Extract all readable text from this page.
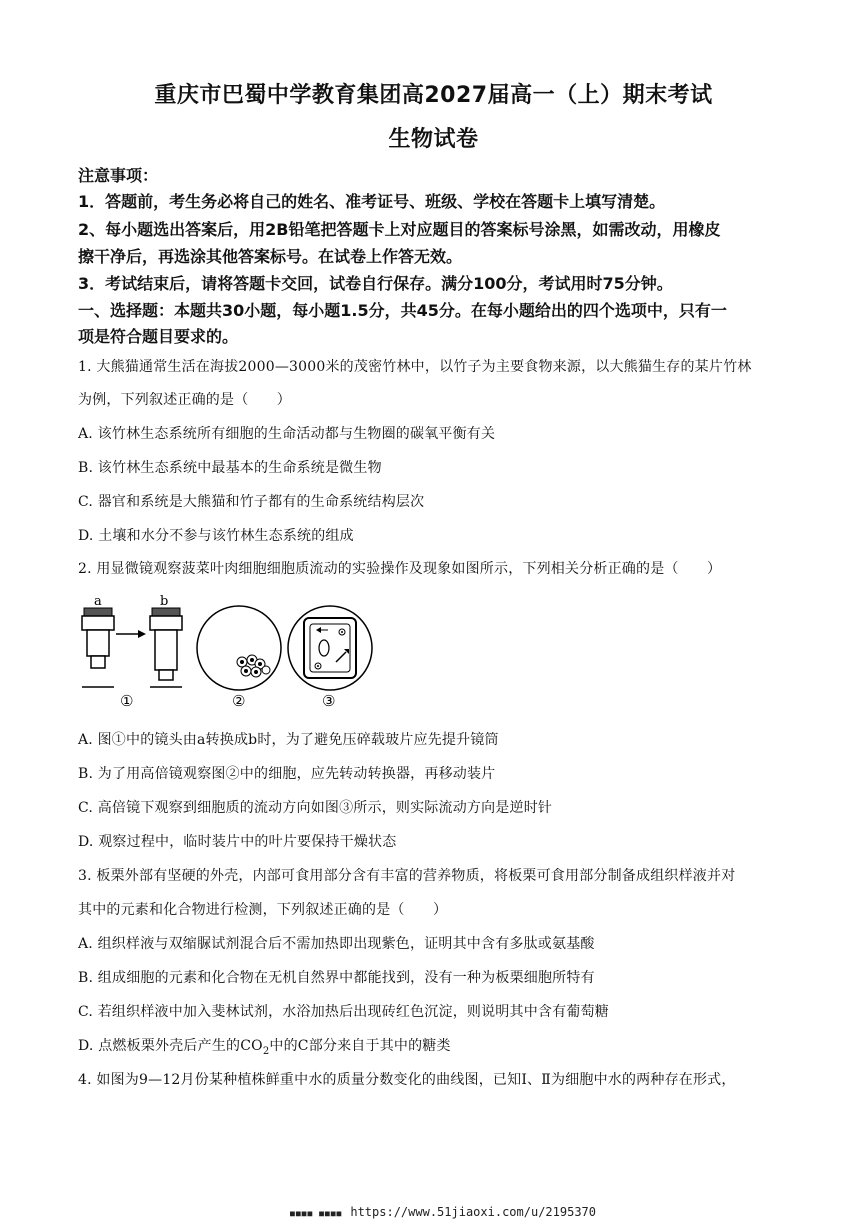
重庆市巴蜀中学教育集团高2027届高一（上）期末考试
生物试卷
注意事项：
1．答题前，考生务必将自己的姓名、准考证号、班级、学校在答题卡上填写清楚。
2、每小题选出答案后，用2B铅笔把答题卡上对应题目的答案标号涂黑，如需改动，用橡皮
擦干净后，再选涂其他答案标号。在试卷上作答无效。
3．考试结束后，请将答题卡交回，试卷自行保存。满分100分，考试用时75分钟。
一、选择题：本题共30小题，每小题1.5分，共45分。在每小题给出的四个选项中，只有一
项是符合题目要求的。
1. 大熊猫通常生活在海拔2000—3000米的茂密竹林中，以竹子为主要食物来源，以大熊猫生存的某片竹林
为例，下列叙述正确的是（　　）
A. 该竹林生态系统所有细胞的生命活动都与生物圈的碳氧平衡有关
B. 该竹林生态系统中最基本的生命系统是微生物
C. 器官和系统是大熊猫和竹子都有的生命系统结构层次
D. 土壤和水分不参与该竹林生态系统的组成
2. 用显微镜观察菠菜叶肉细胞细胞质流动的实验操作及现象如图所示，下列相关分析正确的是（　　）
a	b
①	②	③
A. 图①中的镜头由a转换成b时，为了避免压碎载玻片应先提升镜筒
B. 为了用高倍镜观察图②中的细胞，应先转动转换器，再移动装片
C. 高倍镜下观察到细胞质的流动方向如图③所示，则实际流动方向是逆时针
D. 观察过程中，临时装片中的叶片要保持干燥状态
3. 板栗外部有坚硬的外壳，内部可食用部分含有丰富的营养物质，将板栗可食用部分制备成组织样液并对
其中的元素和化合物进行检测，下列叙述正确的是（　　）
A. 组织样液与双缩脲试剂混合后不需加热即出现紫色，证明其中含有多肽或氨基酸
B. 组成细胞的元素和化合物在无机自然界中都能找到，没有一种为板栗细胞所特有
C. 若组织样液中加入斐林试剂，水浴加热后出现砖红色沉淀，则说明其中含有葡萄糖
D. 点燃板栗外壳后产生的$CO_2$中的C部分来自于其中的糖类
4. 如图为9—12月份某种植株鲜重中水的质量分数变化的曲线图，已知Ⅰ、Ⅱ为细胞中水的两种存在形式，
■■■■ ■■■■ https://www.51jiaoxi.com/u/2195370
